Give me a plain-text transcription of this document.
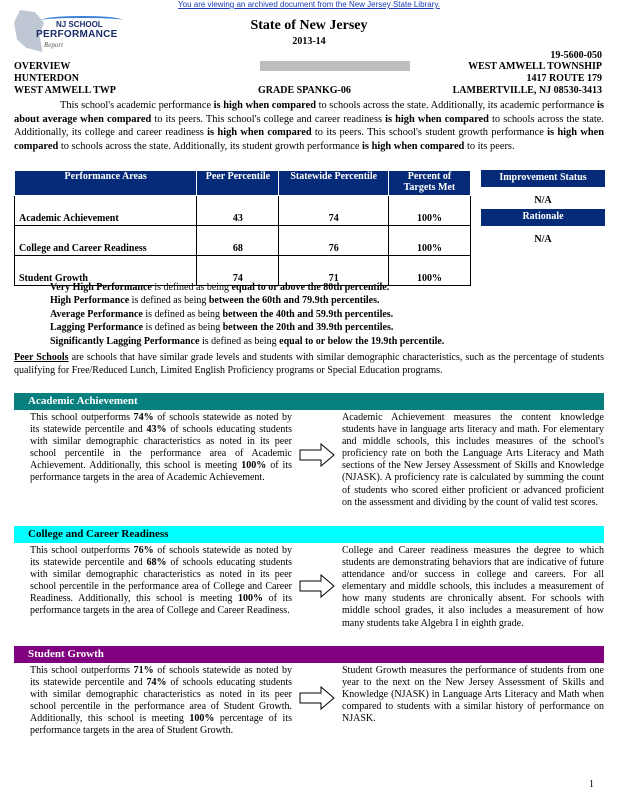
You are viewing an archived document from the New Jersey State Library.
NJ SCHOOL
PERFORMANCE
Report
State of New Jersey
2013-14
19-5600-050
OVERVIEW
HUNTERDON
WEST AMWELL TWP	GRADE SPAN KG-06
WEST AMWELL TOWNSHIP
1417 ROUTE 179
LAMBERTVILLE, NJ 08530-3413
This school's academic performance is high when compared to schools across the state. Additionally, its academic performance is about average when compared to its peers. This school's college and career readiness is high when compared to schools across the state. Additionally, its college and career readiness is high when compared to its peers. This school's student growth performance is high when compared to schools across the state. Additionally, its student growth performance is high when compared to its peers.
Performance Areas	Peer Percentile	Statewide Percentile	Percent of Targets Met
Academic Achievement	43	74	100%
College and Career Readiness	68	76	100%
Student Growth	74	71	100%
Improvement Status
N/A
Rationale
N/A
Very High Performance is defined as being equal to or above the 80th percentile.
High Performance is defined as being between the 60th and 79.9th percentiles.
Average Performance is defined as being between the 40th and 59.9th percentiles.
Lagging Performance is defined as being between the 20th and 39.9th percentiles.
Significantly Lagging Performance is defined as being equal to or below the 19.9th percentile.
Peer Schools are schools that have similar grade levels and students with similar demographic characteristics, such as the percentage of students qualifying for Free/Reduced Lunch, Limited English Proficiency programs or Special Education programs.
Academic Achievement
This school outperforms 74% of schools statewide as noted by its statewide percentile and 43% of schools educating students with similar demographic characteristics as noted in its peer school percentile in the performance area of Academic Achievement. Additionally, this school is meeting 100% of its performance targets in the area of Academic Achievement.
Academic Achievement measures the content knowledge students have in language arts literacy and math. For elementary and middle schools, this includes measures of the school's proficiency rate on both the Language Arts Literacy and Math sections of the New Jersey Assessment of Skills and Knowledge (NJASK). A proficiency rate is calculated by summing the count of students who scored either proficient or advanced proficient on the assessment and dividing by the count of valid test scores.
College and Career Readiness
This school outperforms 76% of schools statewide as noted by its statewide percentile and 68% of schools educating students with similar demographic characteristics as noted in its peer school percentile in the performance area of College and Career Readiness. Additionally, this school is meeting 100% of its performance targets in the area of College and Career Readiness.
College and Career readiness measures the degree to which students are demonstrating behaviors that are indicative of future attendance and/or success in college and careers. For all elementary and middle schools, this includes a measurement of how many students are chronically absent. For schools with middle school grades, it also includes a measurement of how many students take Algebra I in eighth grade.
Student Growth
This school outperforms 71% of schools statewide as noted by its statewide percentile and 74% of schools educating students with similar demographic characteristics as noted in its peer school percentile in the performance area of Student Growth. Additionally, this school is meeting 100% percentage of its performance targets in the area of Student Growth.
Student Growth measures the performance of students from one year to the next on the New Jersey Assessment of Skills and Knowledge (NJASK) in Language Arts Literacy and Math when compared to students with a similar history of performance on NJASK.
1
